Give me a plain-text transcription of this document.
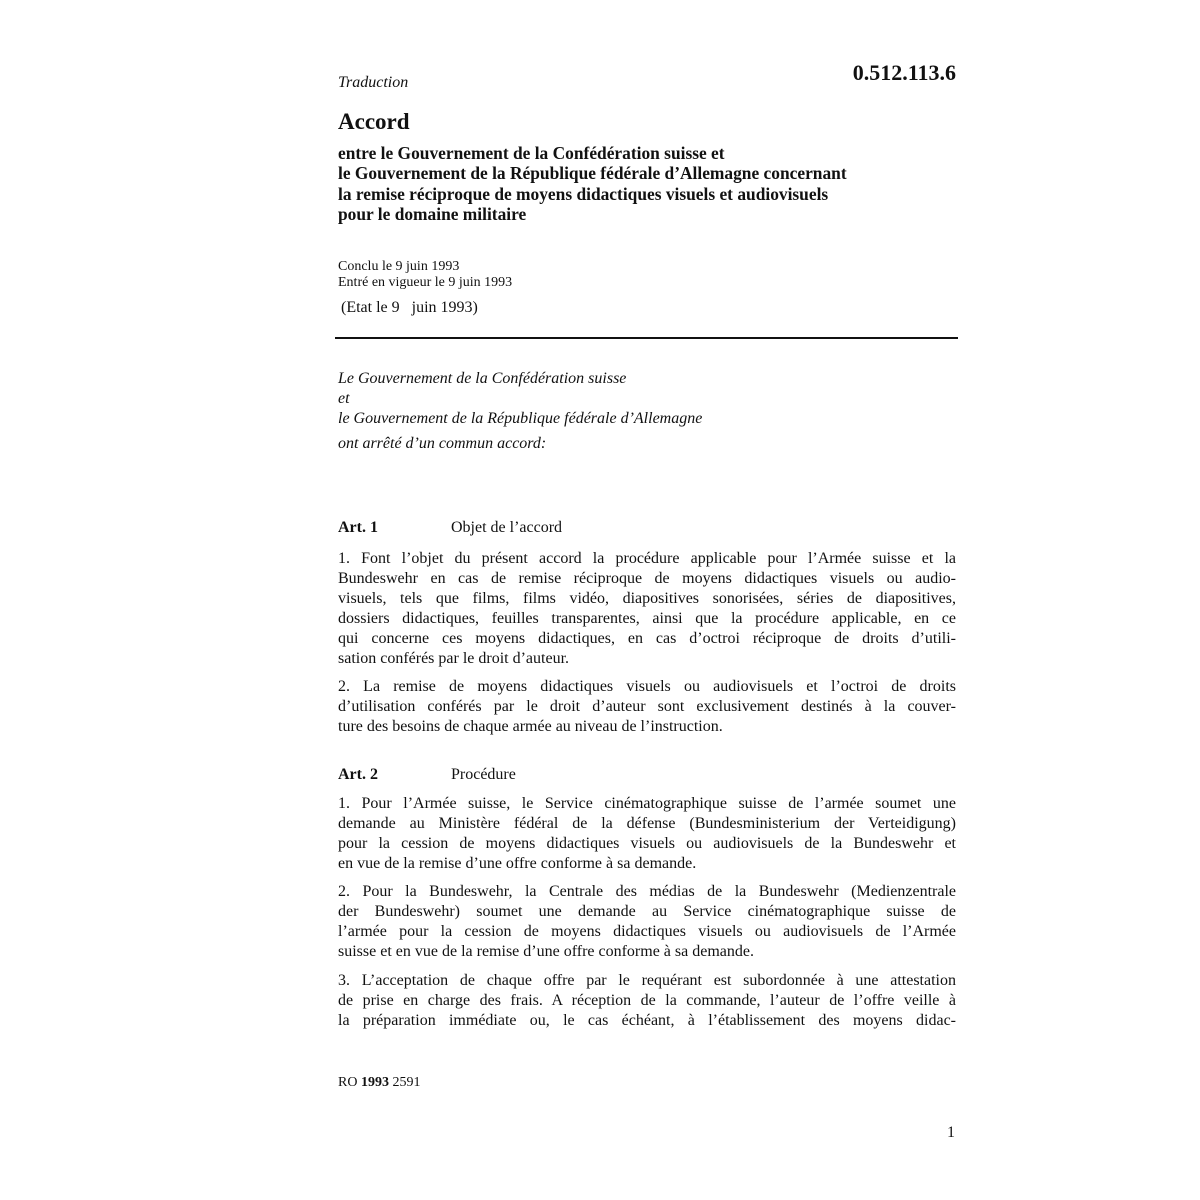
Traduction	0.512.113.6
Accord
entre le Gouvernement de la Confédération suisse et
le Gouvernement de la République fédérale d’Allemagne concernant
la remise réciproque de moyens didactiques visuels et audiovisuels
pour le domaine militaire
Conclu le 9 juin 1993
Entré en vigueur le 9 juin 1993
(Etat le 9   juin 1993)
Le Gouvernement de la Confédération suisse
et
le Gouvernement de la République fédérale d’Allemagne
ont arrêté d’un commun accord:
Art. 1	Objet de l’accord
1. Font l’objet du présent accord la procédure applicable pour l’Armée suisse et la
Bundeswehr en cas de remise réciproque de moyens didactiques visuels ou audio-
visuels, tels que films, films vidéo, diapositives sonorisées, séries de diapositives,
dossiers didactiques, feuilles transparentes, ainsi que la procédure applicable, en ce
qui concerne ces moyens didactiques, en cas d’octroi réciproque de droits d’utili-
sation conférés par le droit d’auteur.
2. La remise de moyens didactiques visuels ou audiovisuels et l’octroi de droits
d’utilisation conférés par le droit d’auteur sont exclusivement destinés à la couver-
ture des besoins de chaque armée au niveau de l’instruction.
Art. 2	Procédure
1. Pour l’Armée suisse, le Service cinématographique suisse de l’armée soumet une
demande au Ministère fédéral de la défense (Bundesministerium der Verteidigung)
pour la cession de moyens didactiques visuels ou audiovisuels de la Bundeswehr et
en vue de la remise d’une offre conforme à sa demande.
2. Pour la Bundeswehr, la Centrale des médias de la Bundeswehr (Medienzentrale
der Bundeswehr) soumet une demande au Service cinématographique suisse de
l’armée pour la cession de moyens didactiques visuels ou audiovisuels de l’Armée
suisse et en vue de la remise d’une offre conforme à sa demande.
3. L’acceptation de chaque offre par le requérant est subordonnée à une attestation
de prise en charge des frais. A réception de la commande, l’auteur de l’offre veille à
la préparation immédiate ou, le cas échéant, à l’établissement des moyens didac-
RO 1993 2591
1
